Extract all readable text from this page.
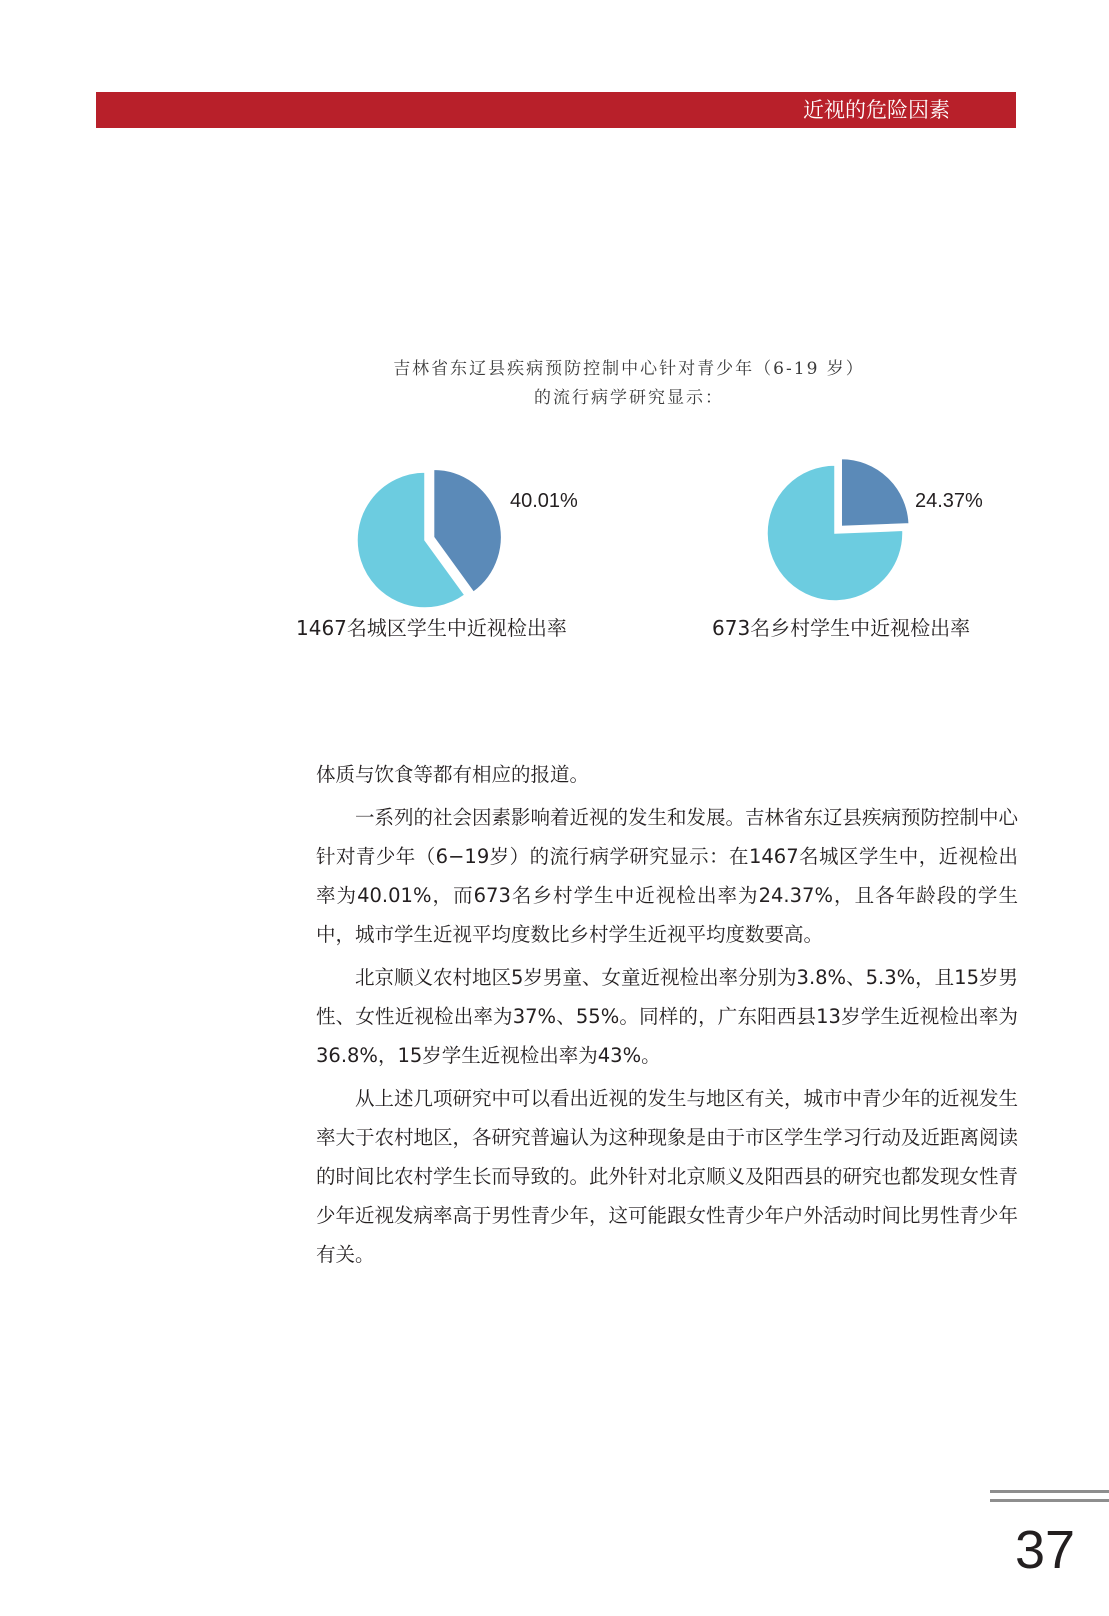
近视的危险因素
吉林省东辽县疾病预防控制中心针对青少年（6-19 岁）
的流行病学研究显示：
40.01%
1467名城区学生中近视检出率
24.37%
673名乡村学生中近视检出率

体质与饮食等都有相应的报道。

一系列的社会因素影响着近视的发生和发展。吉林省东辽县疾病预防控制中心针对青少年（6−19岁）的流行病学研究显示：在1467名城区学生中，近视检出率为40.01%，而673名乡村学生中近视检出率为24.37%，且各年龄段的学生中，城市学生近视平均度数比乡村学生近视平均度数要高。

北京顺义农村地区5岁男童、女童近视检出率分别为3.8%、5.3%，且15岁男性、女性近视检出率为37%、55%。同样的，广东阳西县13岁学生近视检出率为36.8%，15岁学生近视检出率为43%。

从上述几项研究中可以看出近视的发生与地区有关，城市中青少年的近视发生率大于农村地区，各研究普遍认为这种现象是由于市区学生学习行动及近距离阅读的时间比农村学生长而导致的。此外针对北京顺义及阳西县的研究也都发现女性青少年近视发病率高于男性青少年，这可能跟女性青少年户外活动时间比男性青少年有关。

37
